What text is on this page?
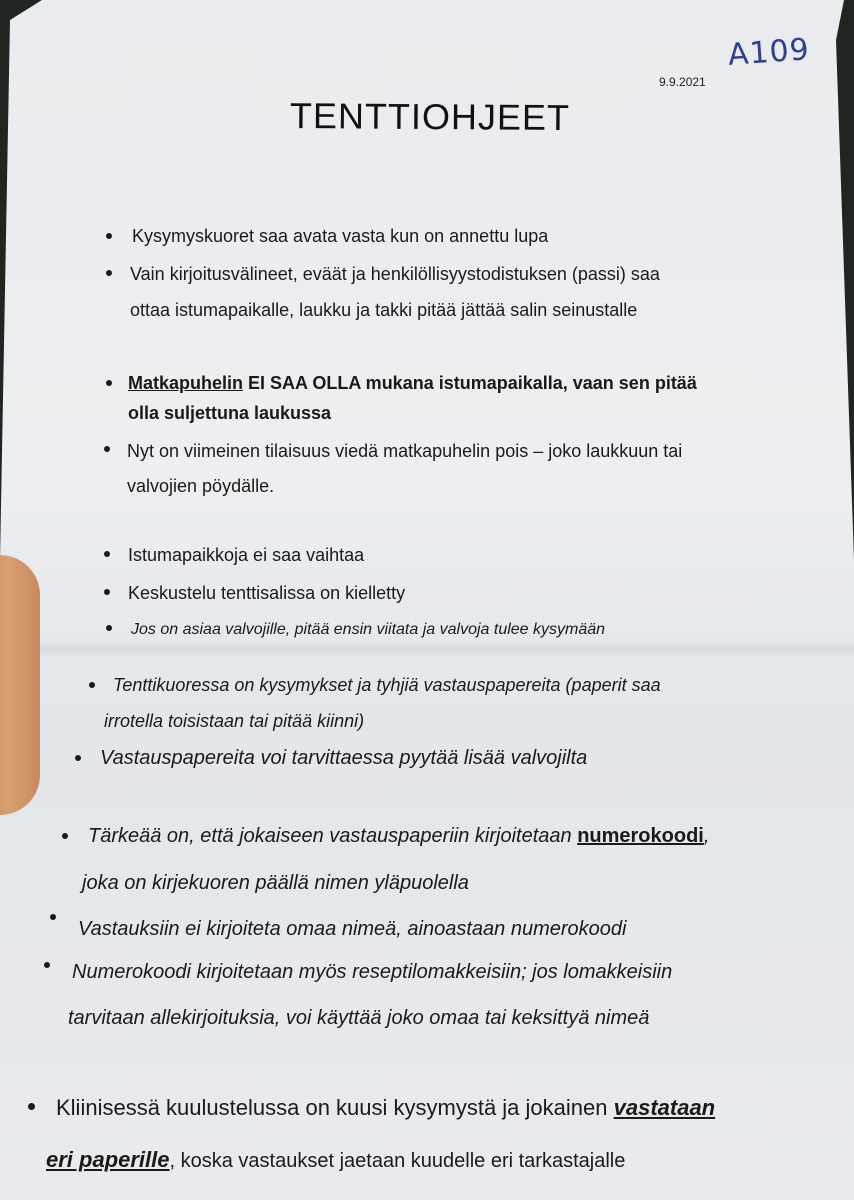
9.9.2021
A109
TENTTIOHJEET
Kysymyskuoret saa avata vasta kun on annettu lupa
Vain kirjoitusvälineet, eväät ja henkilöllisyystodistuksen (passi) saa
ottaa istumapaikalle, laukku ja takki pitää jättää salin seinustalle
Matkapuhelin EI SAA OLLA mukana istumapaikalla, vaan sen pitää
olla suljettuna laukussa
Nyt on viimeinen tilaisuus viedä matkapuhelin pois – joko laukkuun tai
valvojien pöydälle.
Istumapaikkoja ei saa vaihtaa
Keskustelu tenttisalissa on kielletty
Jos on asiaa valvojille, pitää ensin viitata ja valvoja tulee kysymään
Tenttikuoressa on kysymykset ja tyhjiä vastauspapereita (paperit saa
irrotella toisistaan tai pitää kiinni)
Vastauspapereita voi tarvittaessa pyytää lisää valvojilta
Tärkeää on, että jokaiseen vastauspaperiin kirjoitetaan numerokoodi,
joka on kirjekuoren päällä nimen yläpuolella
Vastauksiin ei kirjoiteta omaa nimeä, ainoastaan numerokoodi
Numerokoodi kirjoitetaan myös reseptilomakkeisiin; jos lomakkeisiin
tarvitaan allekirjoituksia, voi käyttää joko omaa tai keksittyä nimeä
Kliinisessä kuulustelussa on kuusi kysymystä ja jokainen vastataan
eri paperille, koska vastaukset jaetaan kuudelle eri tarkastajalle
